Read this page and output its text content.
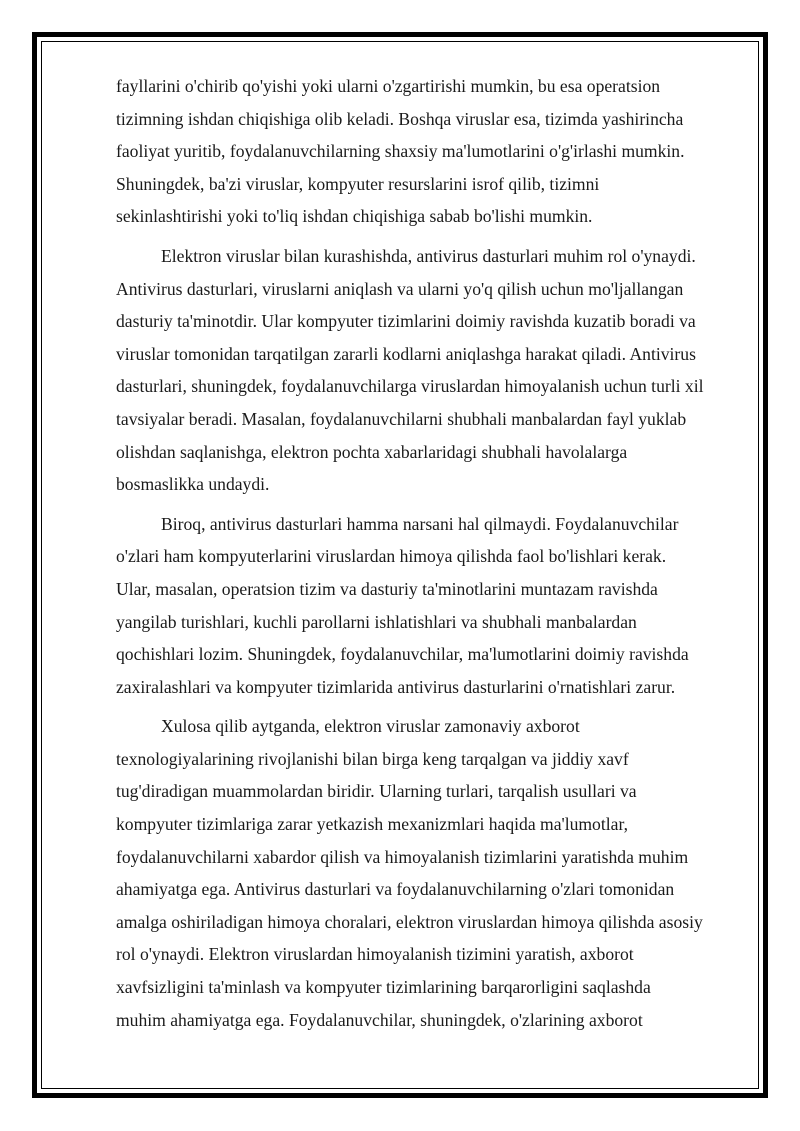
fayllarini o'chirib qo'yishi yoki ularni o'zgartirishi mumkin, bu esa operatsion
tizimning ishdan chiqishiga olib keladi. Boshqa viruslar esa, tizimda yashirincha
faoliyat yuritib, foydalanuvchilarning shaxsiy ma'lumotlarini o'g'irlashi mumkin.
Shuningdek, ba'zi viruslar, kompyuter resurslarini isrof qilib, tizimni
sekinlashtirishi yoki to'liq ishdan chiqishiga sabab bo'lishi mumkin.

Elektron viruslar bilan kurashishda, antivirus dasturlari muhim rol o'ynaydi.
Antivirus dasturlari, viruslarni aniqlash va ularni yo'q qilish uchun mo'ljallangan
dasturiy ta'minotdir. Ular kompyuter tizimlarini doimiy ravishda kuzatib boradi va
viruslar tomonidan tarqatilgan zararli kodlarni aniqlashga harakat qiladi. Antivirus
dasturlari, shuningdek, foydalanuvchilarga viruslardan himoyalanish uchun turli xil
tavsiyalar beradi. Masalan, foydalanuvchilarni shubhali manbalardan fayl yuklab
olishdan saqlanishga, elektron pochta xabarlaridagi shubhali havolalarga
bosmaslikka undaydi.

Biroq, antivirus dasturlari hamma narsani hal qilmaydi. Foydalanuvchilar
o'zlari ham kompyuterlarini viruslardan himoya qilishda faol bo'lishlari kerak.
Ular, masalan, operatsion tizim va dasturiy ta'minotlarini muntazam ravishda
yangilab turishlari, kuchli parollarni ishlatishlari va shubhali manbalardan
qochishlari lozim. Shuningdek, foydalanuvchilar, ma'lumotlarini doimiy ravishda
zaxiralashlari va kompyuter tizimlarida antivirus dasturlarini o'rnatishlari zarur.

Xulosa qilib aytganda, elektron viruslar zamonaviy axborot
texnologiyalarining rivojlanishi bilan birga keng tarqalgan va jiddiy xavf
tug'diradigan muammolardan biridir. Ularning turlari, tarqalish usullari va
kompyuter tizimlariga zarar yetkazish mexanizmlari haqida ma'lumotlar,
foydalanuvchilarni xabardor qilish va himoyalanish tizimlarini yaratishda muhim
ahamiyatga ega. Antivirus dasturlari va foydalanuvchilarning o'zlari tomonidan
amalga oshiriladigan himoya choralari, elektron viruslardan himoya qilishda asosiy
rol o'ynaydi. Elektron viruslardan himoyalanish tizimini yaratish, axborot
xavfsizligini ta'minlash va kompyuter tizimlarining barqarorligini saqlashda
muhim ahamiyatga ega. Foydalanuvchilar, shuningdek, o'zlarining axborot
